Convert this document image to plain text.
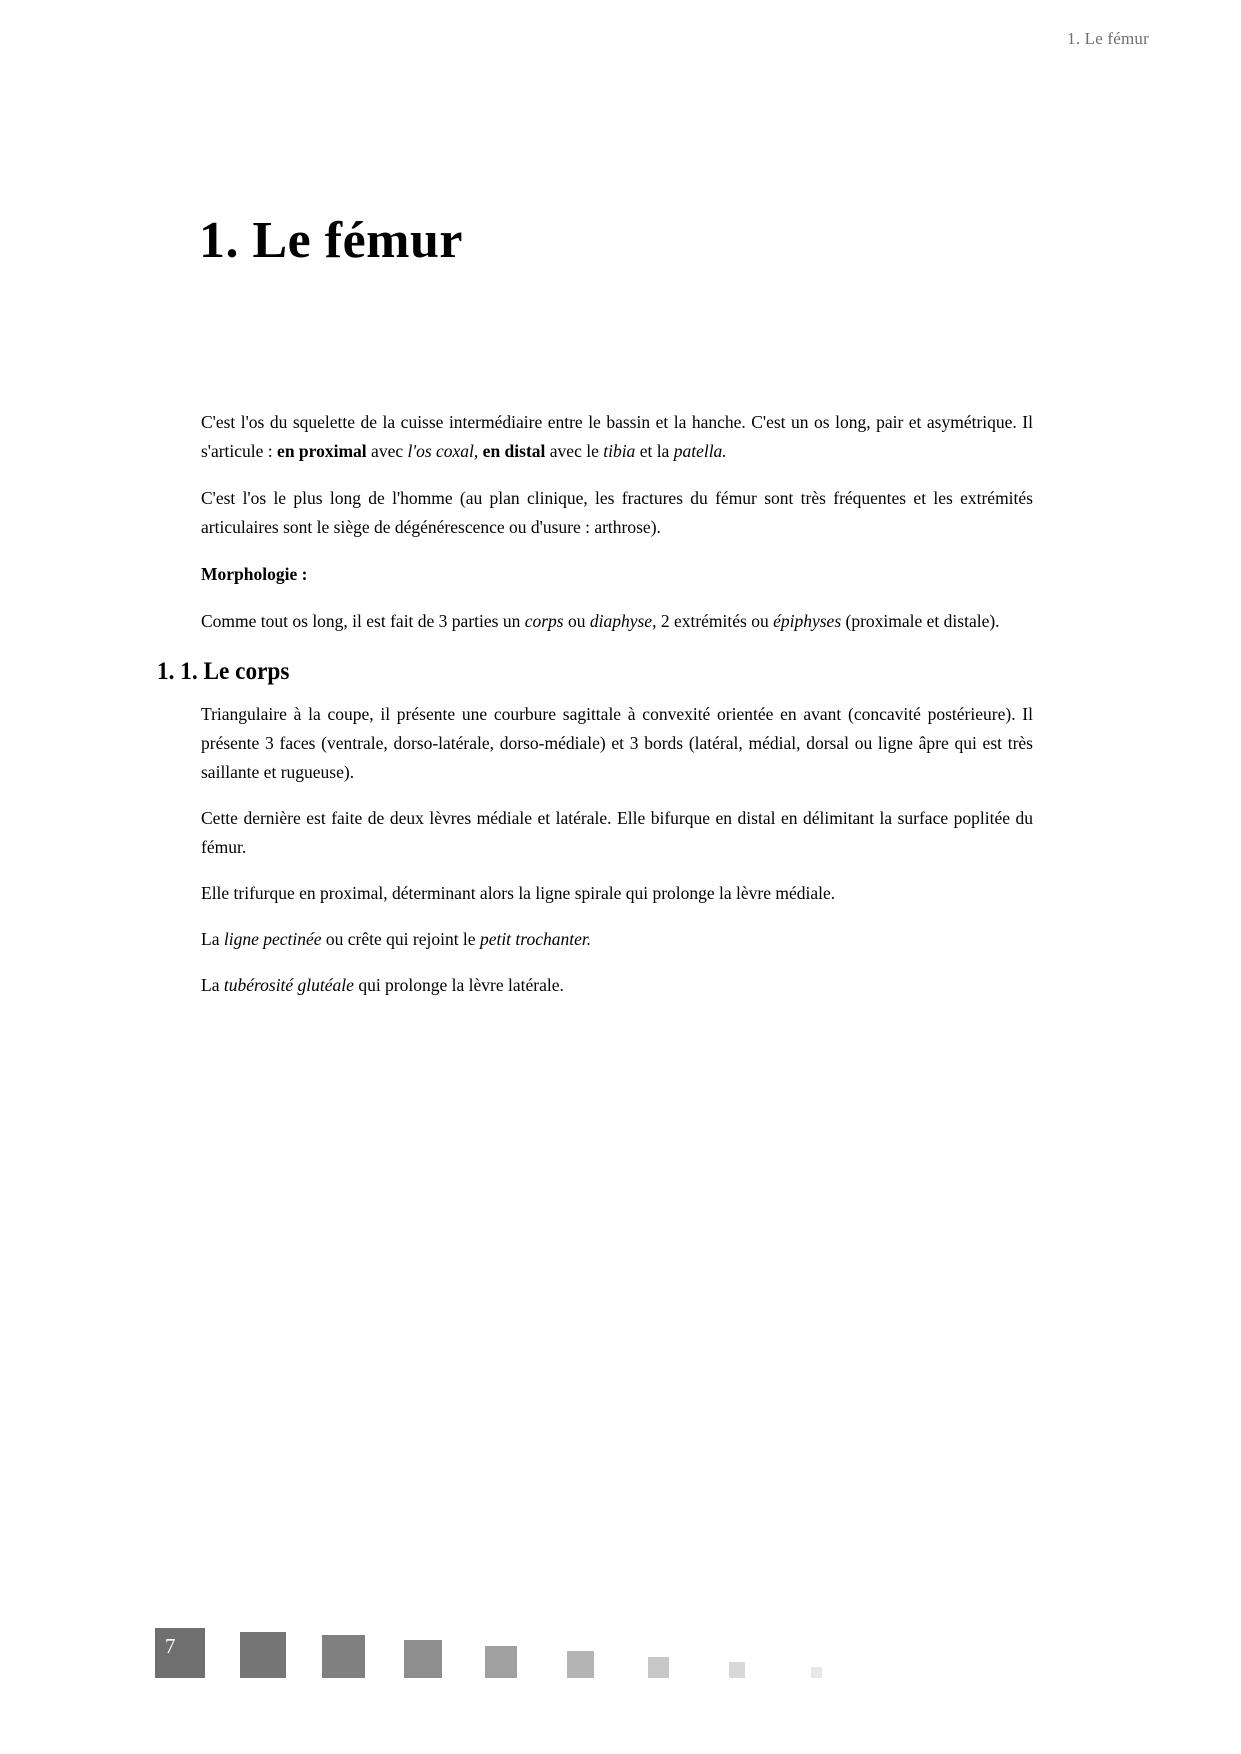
1. Le fémur
I
1. Le fémur

C'est l'os du squelette de la cuisse intermédiaire entre le bassin et la hanche. C'est un os long, pair et asymétrique. Il s'articule : en proximal avec l'os coxal, en distal avec le tibia et la patella.

C'est l'os le plus long de l'homme (au plan clinique, les fractures du fémur sont très fréquentes et les extrémités articulaires sont le siège de dégénérescence ou d'usure : arthrose).

Morphologie :

Comme tout os long, il est fait de 3 parties un corps ou diaphyse, 2 extrémités ou épiphyses (proximale et distale).

1. 1. Le corps

Triangulaire à la coupe, il présente une courbure sagittale à convexité orientée en avant (concavité postérieure). Il présente 3 faces (ventrale, dorso-latérale, dorso-médiale) et 3 bords (latéral, médial, dorsal ou ligne âpre qui est très saillante et rugueuse).

Cette dernière est faite de deux lèvres médiale et latérale. Elle bifurque en distal en délimitant la surface poplitée du fémur.

Elle trifurque en proximal, déterminant alors la ligne spirale qui prolonge la lèvre médiale.

La ligne pectinée ou crête qui rejoint le petit trochanter.

La tubérosité glutéale qui prolonge la lèvre latérale.

7
